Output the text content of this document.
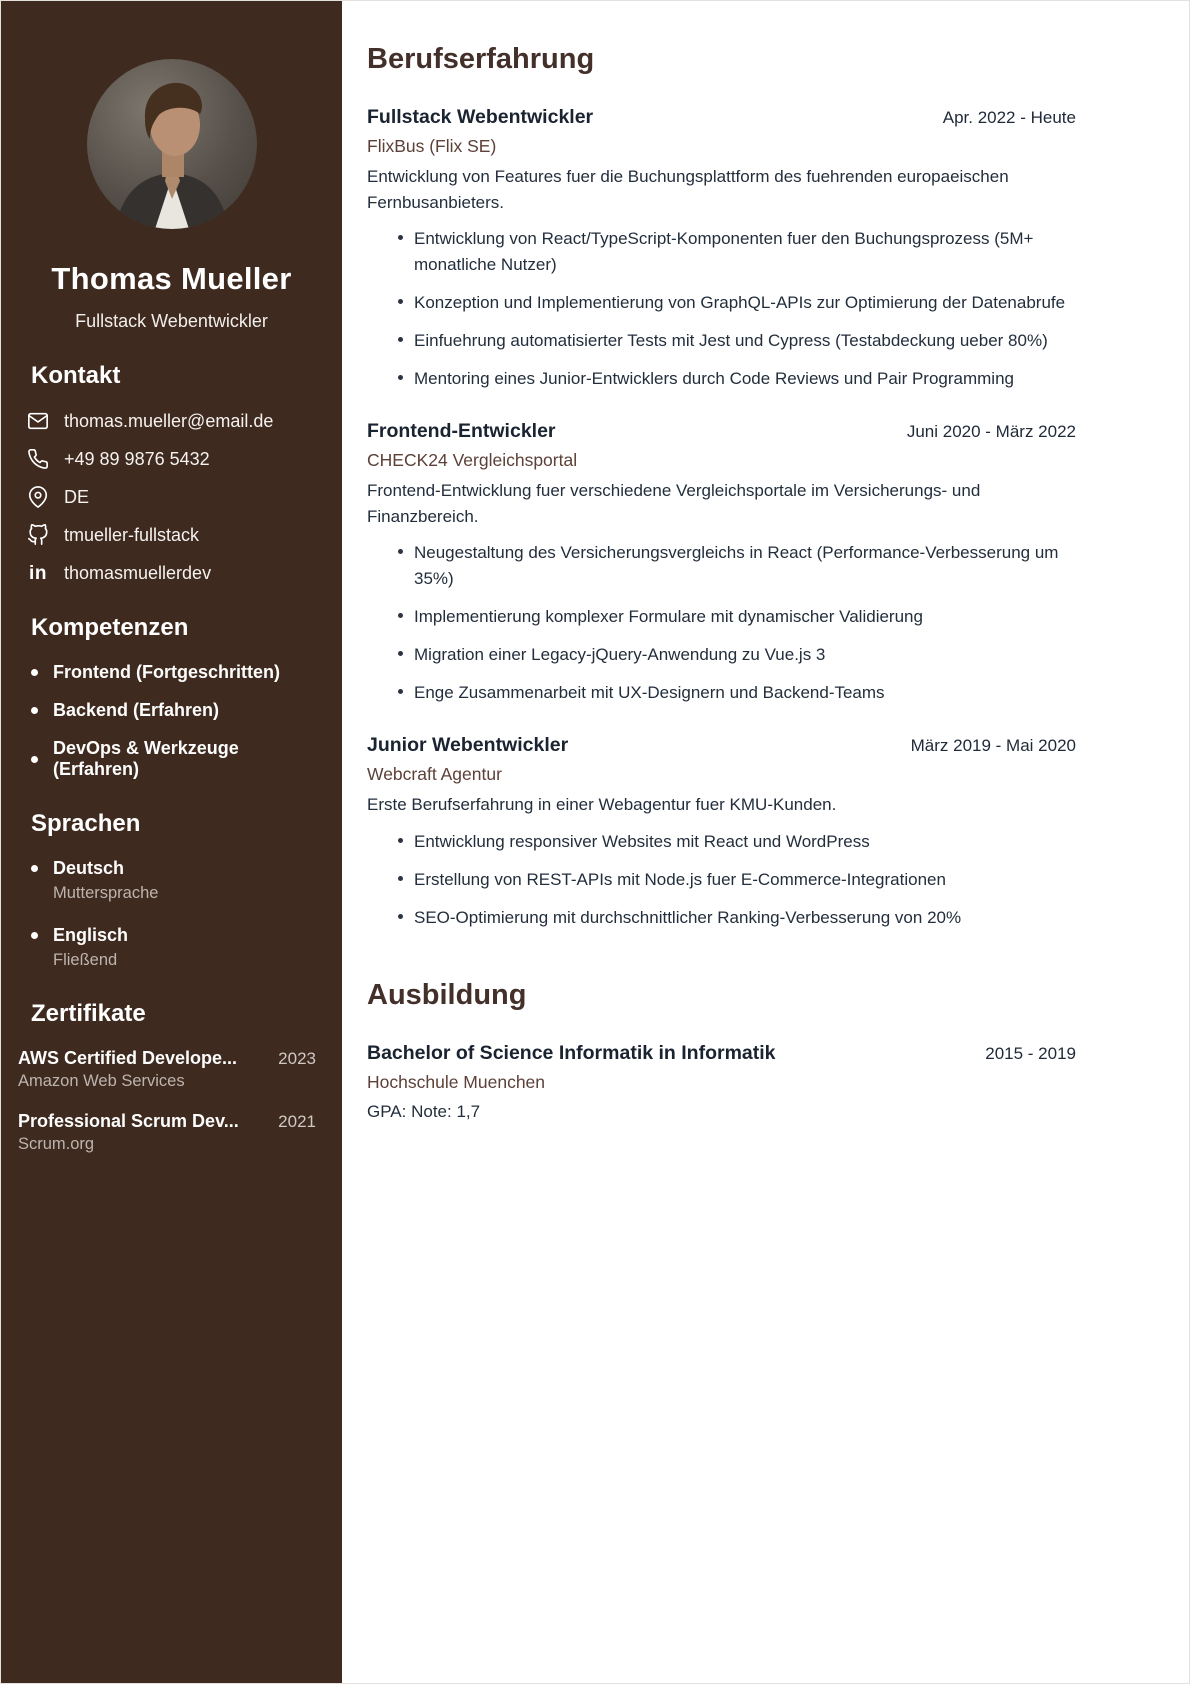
Thomas Mueller
Fullstack Webentwickler
Kontakt
thomas.mueller@email.de
+49 89 9876 5432
DE
tmueller-fullstack
in thomasmuellerdev
Kompetenzen
Frontend (Fortgeschritten)
Backend (Erfahren)
DevOps & Werkzeuge (Erfahren)
Sprachen
Deutsch
Muttersprache
Englisch
Fließend
Zertifikate
AWS Certified Develope... 2023
Amazon Web Services
Professional Scrum Dev... 2021
Scrum.org
Berufserfahrung
Fullstack Webentwickler	Apr. 2022 - Heute
FlixBus (Flix SE)

Entwicklung von Features fuer die Buchungsplattform des fuehrenden europaeischen Fernbusanbieters.

Entwicklung von React/TypeScript-Komponenten fuer den Buchungsprozess (5M+ monatliche Nutzer)
Konzeption und Implementierung von GraphQL-APIs zur Optimierung der Datenabrufe
Einfuehrung automatisierter Tests mit Jest und Cypress (Testabdeckung ueber 80%)
Mentoring eines Junior-Entwicklers durch Code Reviews und Pair Programming
Frontend-Entwickler	Juni 2020 - März 2022
CHECK24 Vergleichsportal

Frontend-Entwicklung fuer verschiedene Vergleichsportale im Versicherungs- und Finanzbereich.

Neugestaltung des Versicherungsvergleichs in React (Performance-Verbesserung um 35%)
Implementierung komplexer Formulare mit dynamischer Validierung
Migration einer Legacy-jQuery-Anwendung zu Vue.js 3
Enge Zusammenarbeit mit UX-Designern und Backend-Teams
Junior Webentwickler	März 2019 - Mai 2020
Webcraft Agentur

Erste Berufserfahrung in einer Webagentur fuer KMU-Kunden.

Entwicklung responsiver Websites mit React und WordPress
Erstellung von REST-APIs mit Node.js fuer E-Commerce-Integrationen
SEO-Optimierung mit durchschnittlicher Ranking-Verbesserung von 20%
Ausbildung
Bachelor of Science Informatik in Informatik	2015 - 2019
Hochschule Muenchen

GPA: Note: 1,7
